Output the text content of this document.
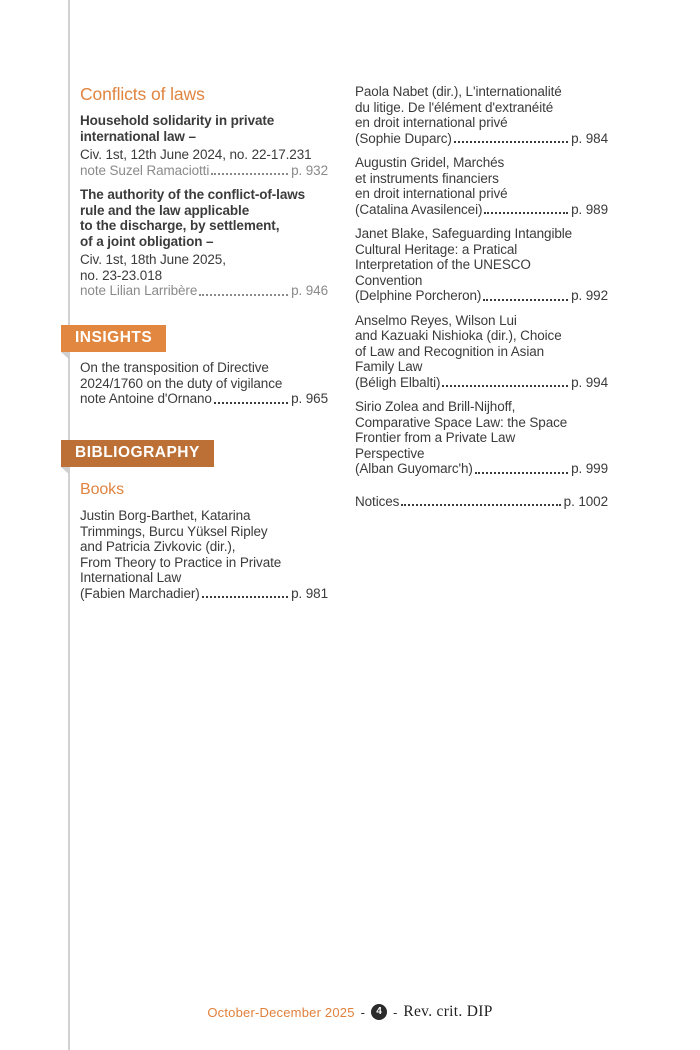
Conflicts of laws
Household solidarity in private
international law –
Civ. 1st, 12th June 2024, no. 22-17.231
note Suzel Ramaciotti	p. 932
The authority of the conflict-of-laws
rule and the law applicable
to the discharge, by settlement,
of a joint obligation –
Civ. 1st, 18th June 2025,
no. 23-23.018
note Lilian Larribère	p. 946
INSIGHTS
On the transposition of Directive
2024/1760 on the duty of vigilance
note Antoine d'Ornano	p. 965
BIBLIOGRAPHY
Books
Justin Borg-Barthet, Katarina
Trimmings, Burcu Yüksel Ripley
and Patricia Zivkovic (dir.),
From Theory to Practice in Private
International Law
(Fabien Marchadier)	p. 981
Paola Nabet (dir.), L'internationalité
du litige. De l'élément d'extranéité
en droit international privé
(Sophie Duparc)	p. 984
Augustin Gridel, Marchés
et instruments financiers
en droit international privé
(Catalina Avasilencei)	p. 989
Janet Blake, Safeguarding Intangible
Cultural Heritage: a Pratical
Interpretation of the UNESCO
Convention
(Delphine Porcheron)	p. 992
Anselmo Reyes, Wilson Lui
and Kazuaki Nishioka (dir.), Choice
of Law and Recognition in Asian
Family Law
(Béligh Elbalti)	p. 994
Sirio Zolea and Brill-Nijhoff,
Comparative Space Law: the Space
Frontier from a Private Law
Perspective
(Alban Guyomarc'h)	p. 999
Notices	p. 1002
October-December 2025 -	4 - Rev. crit. DIP
